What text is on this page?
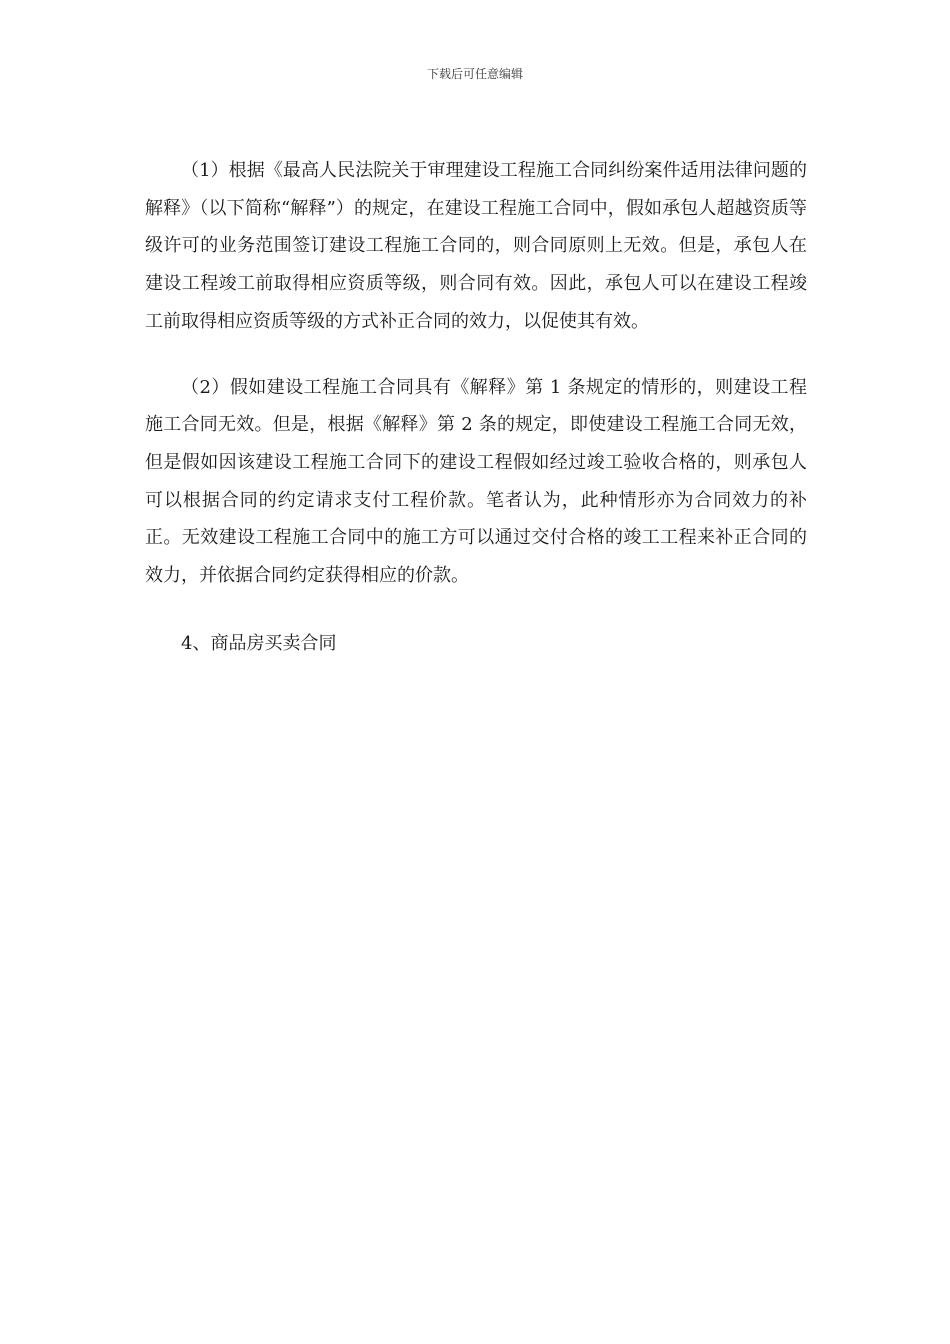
下载后可任意编辑

（1）根据《最高人民法院关于审理建设工程施工合同纠纷案件适用法律问题的解释》（以下简称“解释”）的规定，在建设工程施工合同中，假如承包人超越资质等级许可的业务范围签订建设工程施工合同的，则合同原则上无效。但是，承包人在建设工程竣工前取得相应资质等级，则合同有效。因此，承包人可以在建设工程竣工前取得相应资质等级的方式补正合同的效力，以促使其有效。

（2）假如建设工程施工合同具有《解释》第 1 条规定的情形的，则建设工程施工合同无效。但是，根据《解释》第 2 条的规定，即使建设工程施工合同无效，但是假如因该建设工程施工合同下的建设工程假如经过竣工验收合格的，则承包人可以根据合同的约定请求支付工程价款。笔者认为，此种情形亦为合同效力的补正。无效建设工程施工合同中的施工方可以通过交付合格的竣工工程来补正合同的效力，并依据合同约定获得相应的价款。

4、商品房买卖合同
